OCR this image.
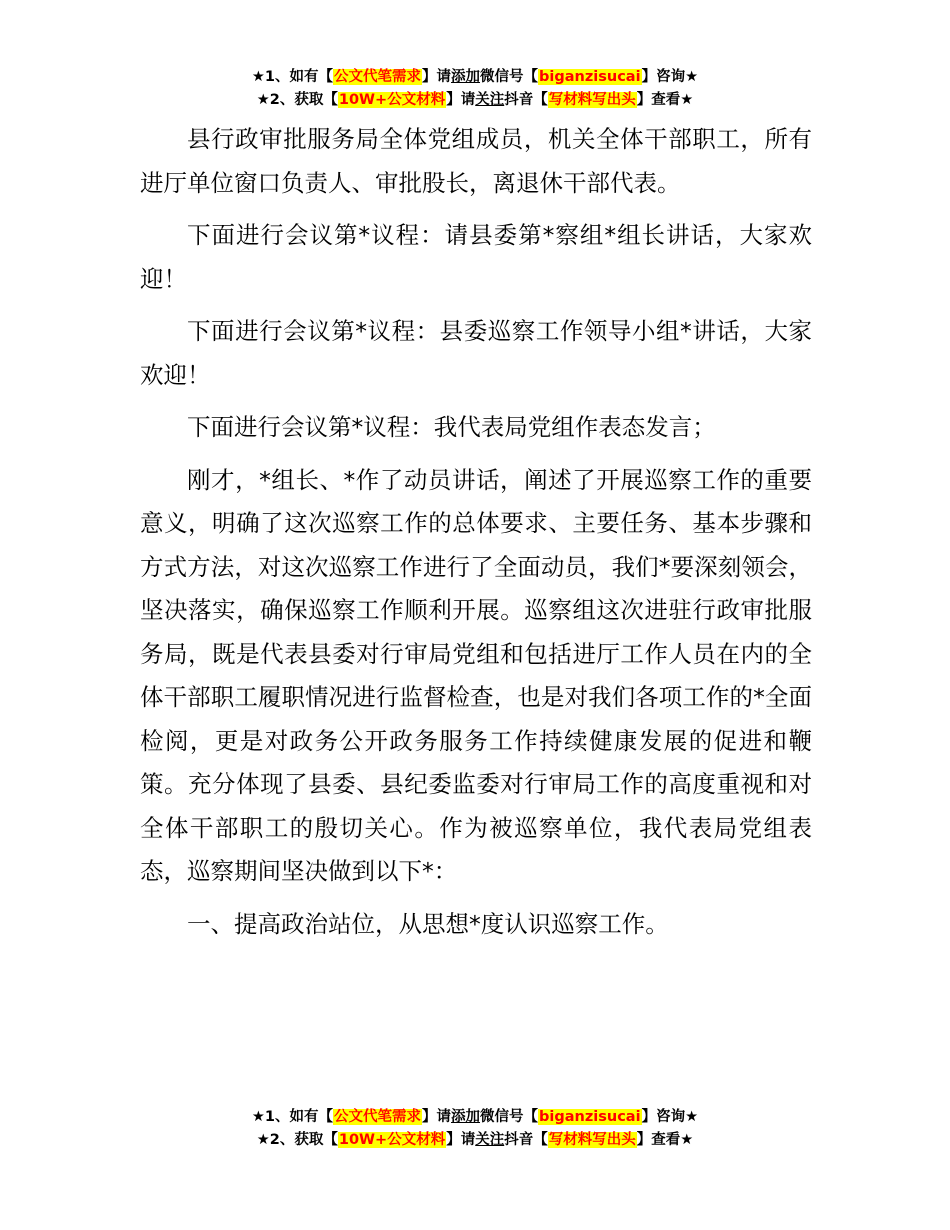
★1、如有【公文代笔需求】请添加微信号【biganzisucai】咨询★
★2、获取【10W+公文材料】请关注抖音【写材料写出头】查看★

县行政审批服务局全体党组成员，机关全体干部职工，所有进厅单位窗口负责人、审批股长，离退休干部代表。

下面进行会议第*议程：请县委第*察组*组长讲话，大家欢迎！

下面进行会议第*议程：县委巡察工作领导小组*讲话，大家欢迎！

下面进行会议第*议程：我代表局党组作表态发言；

刚才，*组长、*作了动员讲话，阐述了开展巡察工作的重要意义，明确了这次巡察工作的总体要求、主要任务、基本步骤和方式方法，对这次巡察工作进行了全面动员，我们*要深刻领会，坚决落实，确保巡察工作顺利开展。巡察组这次进驻行政审批服务局，既是代表县委对行审局党组和包括进厅工作人员在内的全体干部职工履职情况进行监督检查，也是对我们各项工作的*全面检阅，更是对政务公开政务服务工作持续健康发展的促进和鞭策。充分体现了县委、县纪委监委对行审局工作的高度重视和对全体干部职工的殷切关心。作为被巡察单位，我代表局党组表态，巡察期间坚决做到以下*：

一、提高政治站位，从思想*度认识巡察工作。

★1、如有【公文代笔需求】请添加微信号【biganzisucai】咨询★
★2、获取【10W+公文材料】请关注抖音【写材料写出头】查看★
